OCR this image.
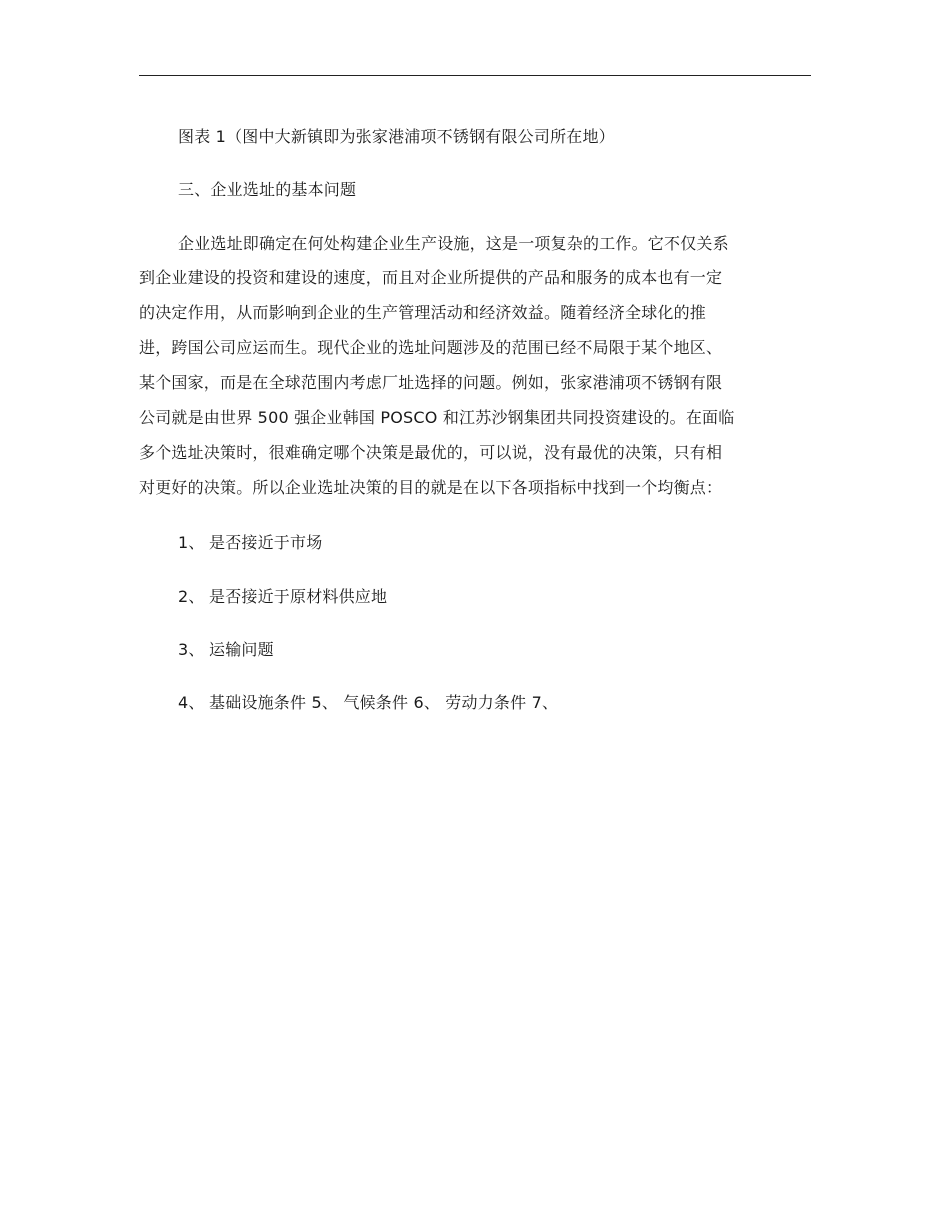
图表 1（图中大新镇即为张家港浦项不锈钢有限公司所在地）
三、企业选址的基本问题
企业选址即确定在何处构建企业生产设施，这是一项复杂的工作。它不仅关系
到企业建设的投资和建设的速度，而且对企业所提供的产品和服务的成本也有一定
的决定作用，从而影响到企业的生产管理活动和经济效益。随着经济全球化的推
进，跨国公司应运而生。现代企业的选址问题涉及的范围已经不局限于某个地区、
某个国家，而是在全球范围内考虑厂址选择的问题。例如，张家港浦项不锈钢有限
公司就是由世界 500 强企业韩国 POSCO 和江苏沙钢集团共同投资建设的。在面临
多个选址决策时，很难确定哪个决策是最优的，可以说，没有最优的决策，只有相
对更好的决策。所以企业选址决策的目的就是在以下各项指标中找到一个均衡点：
1、 是否接近于市场
2、 是否接近于原材料供应地
3、 运输问题
4、 基础设施条件 5、 气候条件 6、 劳动力条件 7、
